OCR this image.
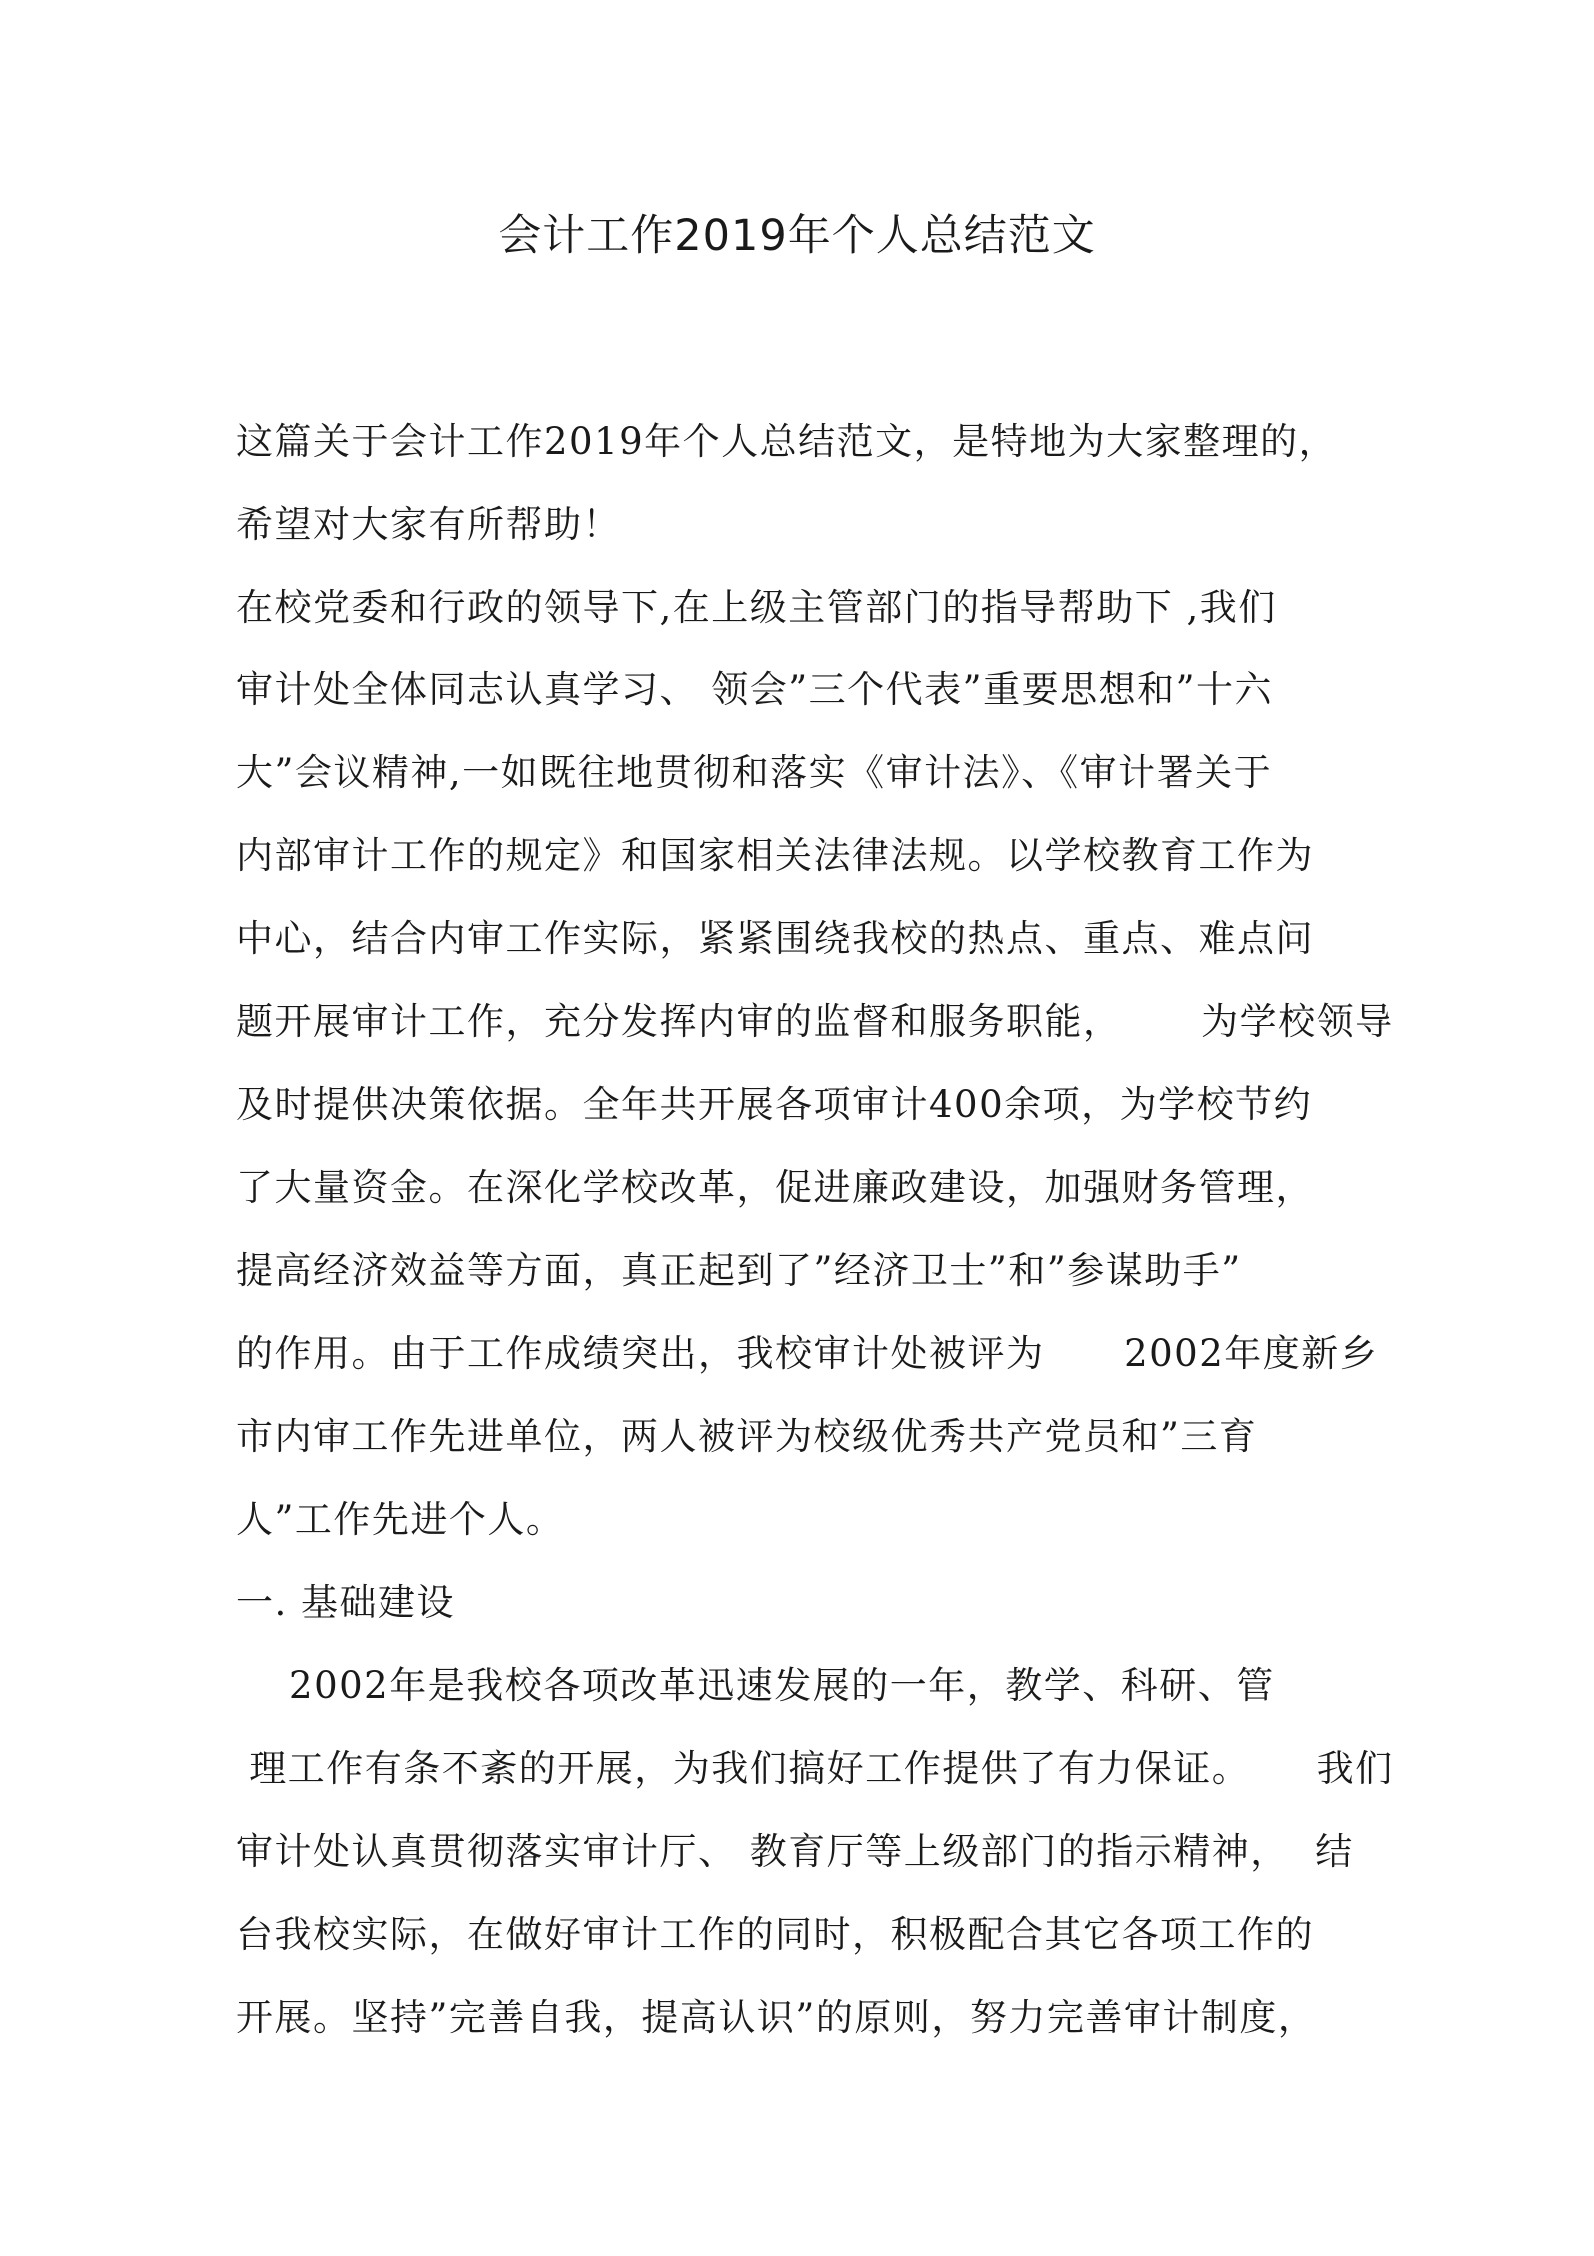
会计工作2019年个人总结范文
这篇关于会计工作2019年个人总结范文，是特地为大家整理的，
希望对大家有所帮助！
在校党委和行政的领导下,在上级主管部门的指导帮助下 ,我们
审计处全体同志认真学习、 领会”三个代表”重要思想和”十六
大”会议精神,一如既往地贯彻和落实《审计法》、《审计署关于
内部审计工作的规定》和国家相关法律法规。以学校教育工作为
中心，结合内审工作实际，紧紧围绕我校的热点、重点、难点问
题开展审计工作，充分发挥内审的监督和服务职能，      为学校领导
及时提供决策依据。全年共开展各项审计400余项，为学校节约
了大量资金。在深化学校改革，促进廉政建设，加强财务管理，
提高经济效益等方面，真正起到了”经济卫士”和”参谋助手”
的作用。由于工作成绩突出，我校审计处被评为      2002年度新乡
市内审工作先进单位，两人被评为校级优秀共产党员和”三育
人”工作先进个人。
一. 基础建设
2002年是我校各项改革迅速发展的一年，教学、科研、管
理工作有条不紊的开展，为我们搞好工作提供了有力保证。     我们
审计处认真贯彻落实审计厅、 教育厅等上级部门的指示精神，  结
台我校实际，在做好审计工作的同时，积极配合其它各项工作的
开展。坚持”完善自我，提高认识”的原则，努力完善审计制度，
